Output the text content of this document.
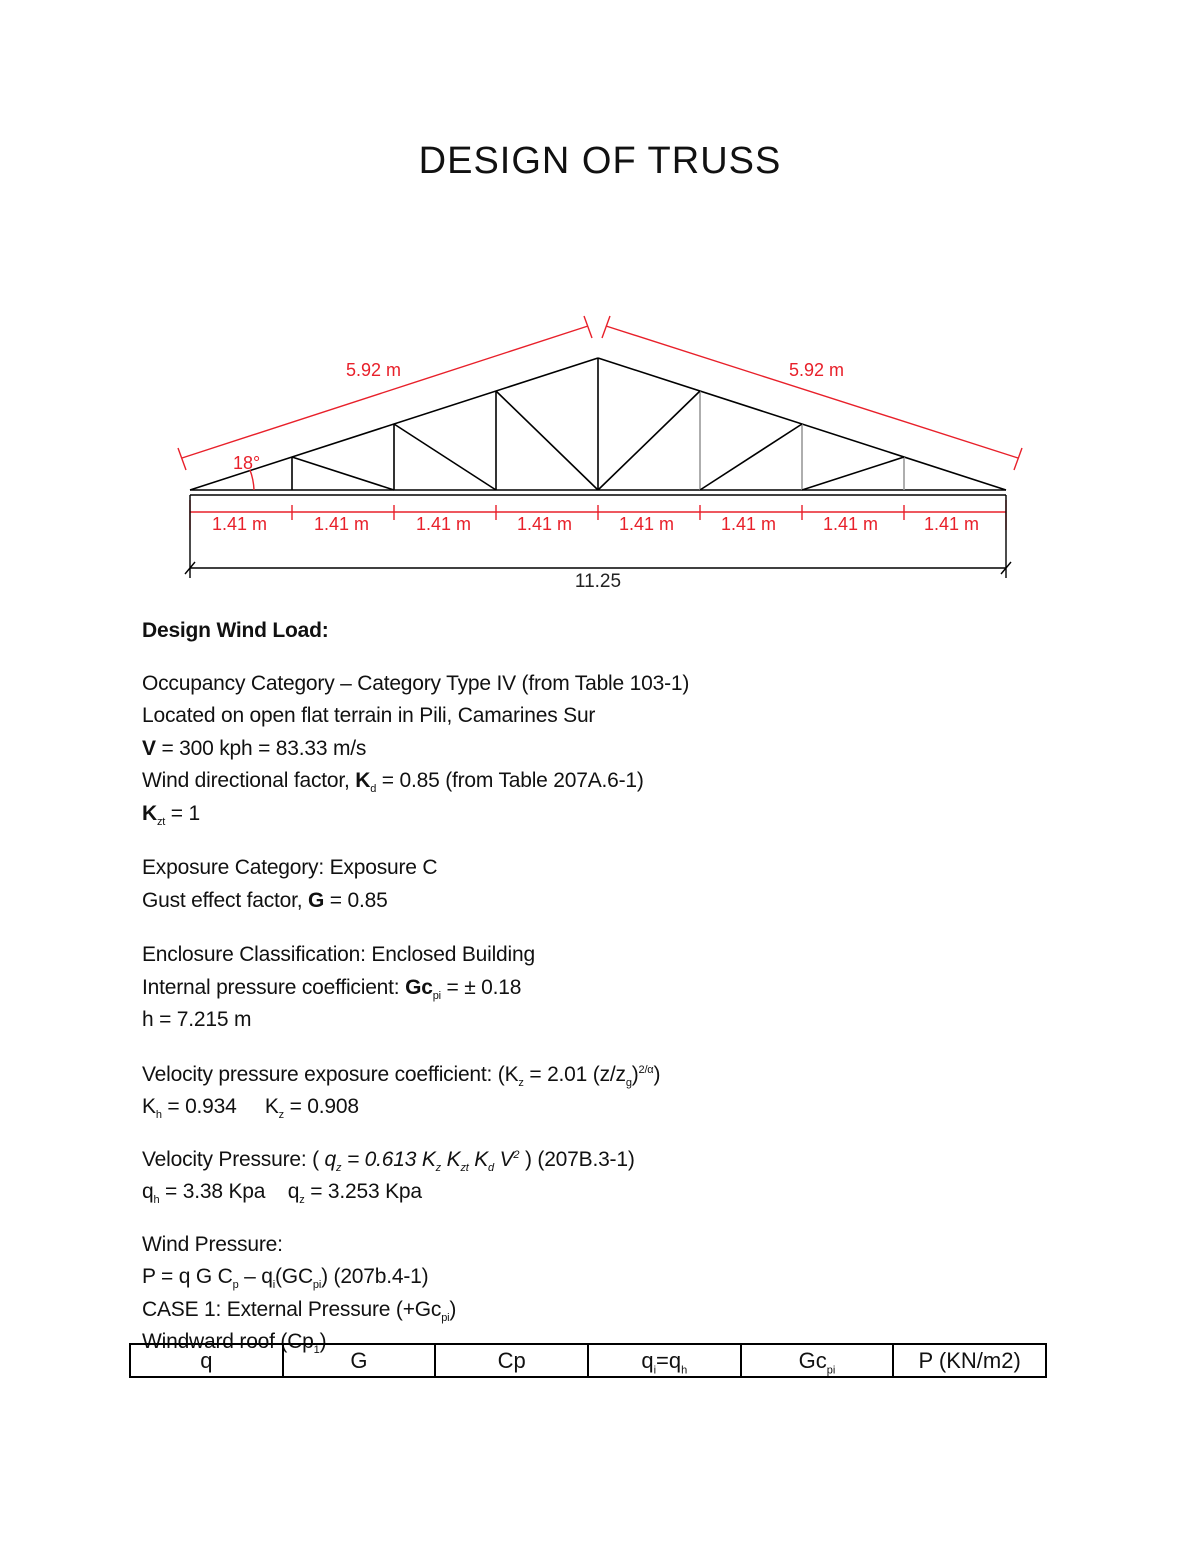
DESIGN OF TRUSS
5.92 m	5.92 m
18°
1.41 m	1.41 m	1.41 m	1.41 m	1.41 m	1.41 m	1.41 m	1.41 m
11.25
Design Wind Load:
Occupancy Category – Category Type IV (from Table 103-1)
Located on open flat terrain in Pili, Camarines Sur
V = 300 kph = 83.33 m/s
Wind directional factor, $K_d = 0.85$ (from Table 207A.6-1)
$K_{zt} = 1$
Exposure Category: Exposure C
Gust effect factor, G = 0.85
Enclosure Classification: Enclosed Building
Internal pressure coefficient: $Gc_{pi}$ = ± 0.18
h = 7.215 m
Velocity pressure exposure coefficient: ($K_z = 2.01$ $(z/z_g)^{2/\alpha}$)
$K_h = 0.934$ $K_z = 0.908$
Velocity Pressure: ( $q_z = 0.613$ $K_z$ $K_{zt}$ $K_d$ $V^2$ ) (207B.3-1)
$q_h = 3.38$ Kpa $q_z = 3.253$ Kpa
Wind Pressure:
P = q G $C_p - q_i(GC_{pi})$ (207b.4-1)
CASE 1: External Pressure $(+Gc_{pi})$
Windward roof $(Cp_1)$
q	G	Cp	$q_i=q_h$	$Gc_{pi}$	P (KN/m2)
